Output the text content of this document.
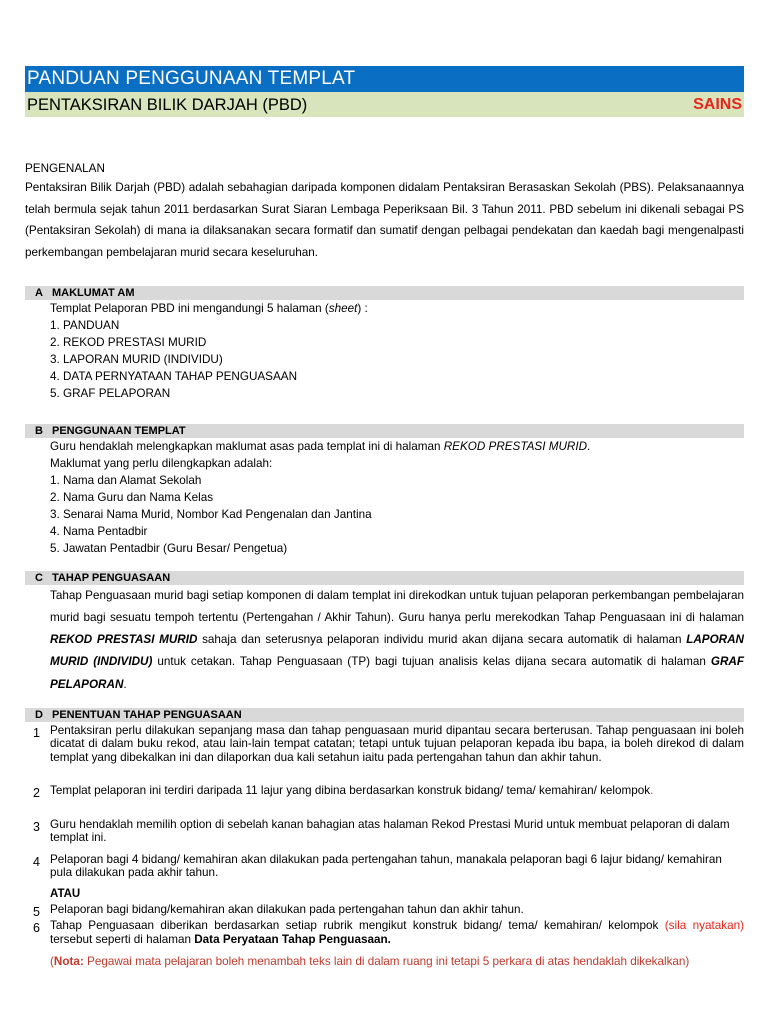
PANDUAN PENGGUNAAN TEMPLAT
PENTAKSIRAN BILIK DARJAH (PBD)	SAINS
PENGENALAN
Pentaksiran Bilik Darjah (PBD) adalah sebahagian daripada komponen didalam Pentaksiran Berasaskan Sekolah (PBS). Pelaksanaannya telah bermula sejak tahun 2011 berdasarkan Surat Siaran Lembaga Peperiksaan Bil. 3 Tahun 2011. PBD sebelum ini dikenali sebagai PS (Pentaksiran Sekolah) di mana ia dilaksanakan secara formatif dan sumatif dengan pelbagai pendekatan dan kaedah bagi mengenalpasti perkembangan pembelajaran murid secara keseluruhan.
A MAKLUMAT AM
Templat Pelaporan PBD ini mengandungi 5 halaman (sheet) :
1. PANDUAN
2. REKOD PRESTASI MURID
3. LAPORAN MURID (INDIVIDU)
4. DATA PERNYATAAN TAHAP PENGUASAAN
5. GRAF PELAPORAN
B PENGGUNAAN TEMPLAT
Guru hendaklah melengkapkan maklumat asas pada templat ini di halaman REKOD PRESTASI MURID.
Maklumat yang perlu dilengkapkan adalah:
1. Nama dan Alamat Sekolah
2. Nama Guru dan Nama Kelas
3. Senarai Nama Murid, Nombor Kad Pengenalan dan Jantina
4. Nama Pentadbir
5. Jawatan Pentadbir (Guru Besar/ Pengetua)
C TAHAP PENGUASAAN
Tahap Penguasaan murid bagi setiap komponen di dalam templat ini direkodkan untuk tujuan pelaporan perkembangan pembelajaran murid bagi sesuatu tempoh tertentu (Pertengahan / Akhir Tahun). Guru hanya perlu merekodkan Tahap Penguasaan ini di halaman REKOD PRESTASI MURID sahaja dan seterusnya pelaporan individu murid akan dijana secara automatik di halaman LAPORAN MURID (INDIVIDU) untuk cetakan. Tahap Penguasaan (TP) bagi tujuan analisis kelas dijana secara automatik di halaman GRAF PELAPORAN.
D PENENTUAN TAHAP PENGUASAAN
1 Pentaksiran perlu dilakukan sepanjang masa dan tahap penguasaan murid dipantau secara berterusan. Tahap penguasaan ini boleh dicatat di dalam buku rekod, atau lain-lain tempat catatan; tetapi untuk tujuan pelaporan kepada ibu bapa, ia boleh direkod di dalam templat yang dibekalkan ini dan dilaporkan dua kali setahun iaitu pada pertengahan tahun dan akhir tahun.
2 Templat pelaporan ini terdiri daripada 11 lajur yang dibina berdasarkan konstruk bidang/ tema/ kemahiran/ kelompok.
3 Guru hendaklah memilih option di sebelah kanan bahagian atas halaman Rekod Prestasi Murid untuk membuat pelaporan di dalam templat ini.
4 Pelaporan bagi 4 bidang/ kemahiran akan dilakukan pada pertengahan tahun, manakala pelaporan bagi 6 lajur bidang/ kemahiran pula dilakukan pada akhir tahun.
ATAU
5 Pelaporan bagi bidang/kemahiran akan dilakukan pada pertengahan tahun dan akhir tahun.
6 Tahap Penguasaan diberikan berdasarkan setiap rubrik mengikut konstruk bidang/ tema/ kemahiran/ kelompok (sila nyatakan) tersebut seperti di halaman Data Peryataan Tahap Penguasaan.
(Nota: Pegawai mata pelajaran boleh menambah teks lain di dalam ruang ini tetapi 5 perkara di atas hendaklah dikekalkan)
